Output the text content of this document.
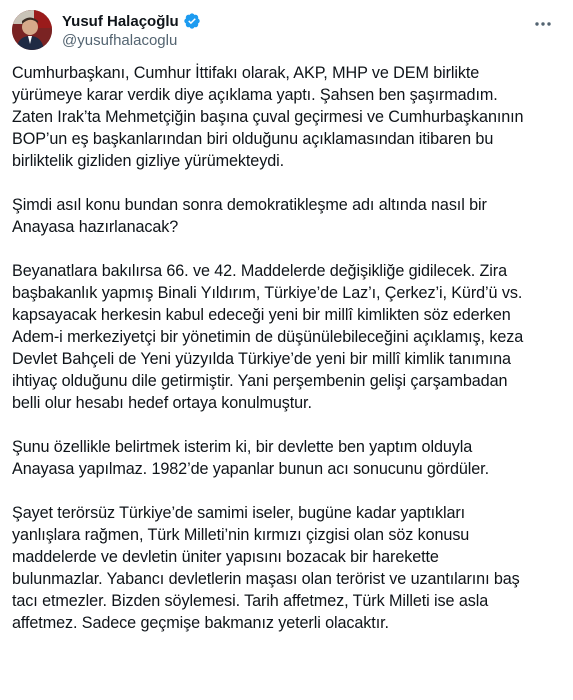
Yusuf Halaçoğlu
@yusufhalacoglu
Cumhurbaşkanı, Cumhur İttifakı olarak, AKP, MHP ve DEM birlikte
yürümeye karar verdik diye açıklama yaptı. Şahsen ben şaşırmadım.
Zaten Irak’ta Mehmetçiğin başına çuval geçirmesi ve Cumhurbaşkanının
BOP’un eş başkanlarından biri olduğunu açıklamasından itibaren bu
birliktelik gizliden gizliye yürümekteydi.
Şimdi asıl konu bundan sonra demokratikleşme adı altında nasıl bir
Anayasa hazırlanacak?
Beyanatlara bakılırsa 66. ve 42. Maddelerde değişikliğe gidilecek. Zira
başbakanlık yapmış Binali Yıldırım, Türkiye’de Laz’ı, Çerkez’i, Kürd’ü vs.
kapsayacak herkesin kabul edeceği yeni bir millî kimlikten söz ederken
Adem-i merkeziyetçi bir yönetimin de düşünülebileceğini açıklamış, keza
Devlet Bahçeli de Yeni yüzyılda Türkiye’de yeni bir millî kimlik tanımına
ihtiyaç olduğunu dile getirmiştir. Yani perşembenin gelişi çarşambadan
belli olur hesabı hedef ortaya konulmuştur.
Şunu özellikle belirtmek isterim ki, bir devlette ben yaptım olduyla
Anayasa yapılmaz. 1982’de yapanlar bunun acı sonucunu gördüler.
Şayet terörsüz Türkiye’de samimi iseler, bugüne kadar yaptıkları
yanlışlara rağmen, Türk Milleti’nin kırmızı çizgisi olan söz konusu
maddelerde ve devletin üniter yapısını bozacak bir harekette
bulunmazlar. Yabancı devletlerin maşası olan terörist ve uzantılarını baş
tacı etmezler. Bizden söylemesi. Tarih affetmez, Türk Milleti ise asla
affetmez. Sadece geçmişe bakmanız yeterli olacaktır.
